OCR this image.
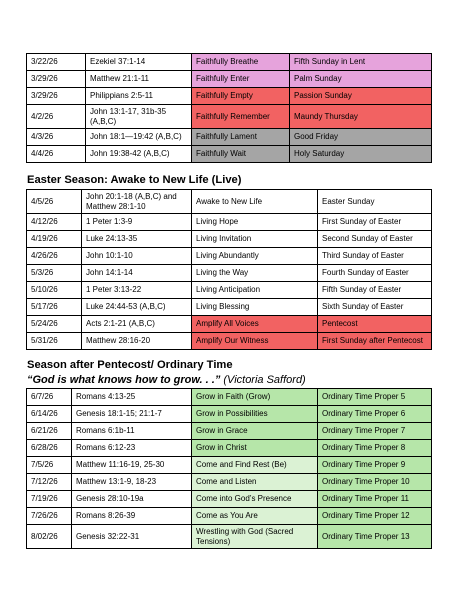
3/22/26	Ezekiel 37:1-14	Faithfully Breathe	Fifth Sunday in Lent
3/29/26	Matthew 21:1-11	Faithfully Enter	Palm Sunday
3/29/26	Philippians 2:5-11	Faithfully Empty	Passion Sunday
4/2/26	John 13:1-17, 31b-35 (A,B,C)	Faithfully Remember	Maundy Thursday
4/3/26	John 18:1—19:42 (A,B,C)	Faithfully Lament	Good Friday
4/4/26	John 19:38-42 (A,B,C)	Faithfully Wait	Holy Saturday
Easter Season: Awake to New Life (Live)
4/5/26	John 20:1-18 (A,B,C) and Matthew 28:1-10	Awake to New Life	Easter Sunday
4/12/26	1 Peter 1:3-9	Living Hope	First Sunday of Easter
4/19/26	Luke 24:13-35	Living Invitation	Second Sunday of Easter
4/26/26	John 10:1-10	Living Abundantly	Third Sunday of Easter
5/3/26	John 14:1-14	Living the Way	Fourth Sunday of Easter
5/10/26	1 Peter 3:13-22	Living Anticipation	Fifth Sunday of Easter
5/17/26	Luke 24:44-53 (A,B,C)	Living Blessing	Sixth Sunday of Easter
5/24/26	Acts 2:1-21 (A,B,C)	Amplify All Voices	Pentecost
5/31/26	Matthew 28:16-20	Amplify Our Witness	First Sunday after Pentecost
Season after Pentecost/ Ordinary Time
“God is what knows how to grow. . .” (Victoria Safford)
6/7/26	Romans 4:13-25	Grow in Faith (Grow)	Ordinary Time Proper 5
6/14/26	Genesis 18:1-15; 21:1-7	Grow in Possibilities	Ordinary Time Proper 6
6/21/26	Romans 6:1b-11	Grow in Grace	Ordinary Time Proper 7
6/28/26	Romans 6:12-23	Grow in Christ	Ordinary Time Proper 8
7/5/26	Matthew 11:16-19, 25-30	Come and Find Rest (Be)	Ordinary Time Proper 9
7/12/26	Matthew 13:1-9, 18-23	Come and Listen	Ordinary Time Proper 10
7/19/26	Genesis 28:10-19a	Come into God’s Presence	Ordinary Time Proper 11
7/26/26	Romans 8:26-39	Come as You Are	Ordinary Time Proper 12
8/02/26	Genesis 32:22-31	Wrestling with God (Sacred Tensions)	Ordinary Time Proper 13
